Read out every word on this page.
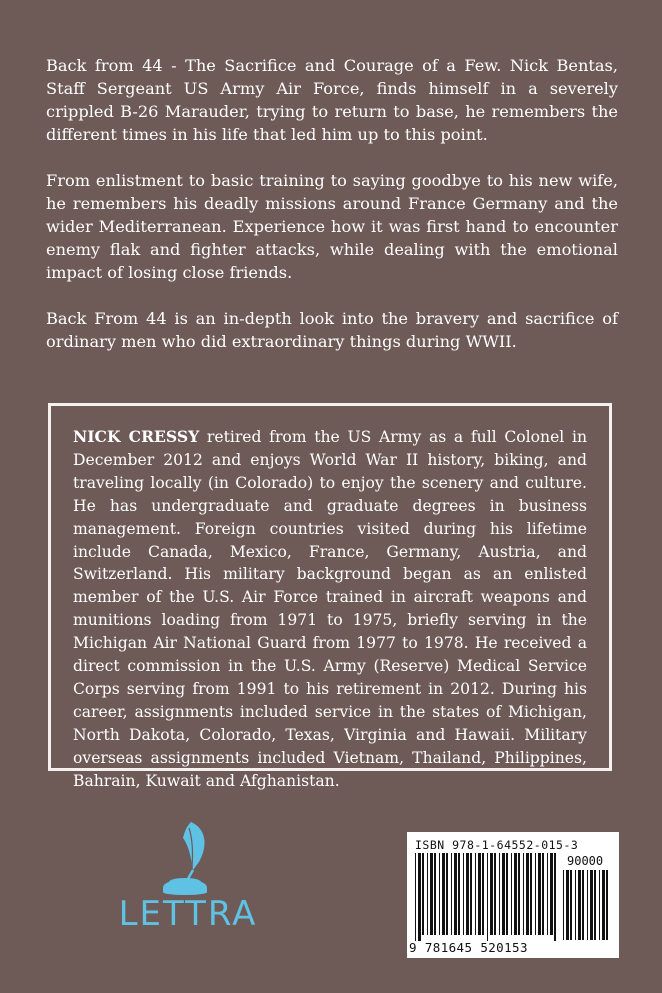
Back from 44 - The Sacrifice and Courage of a Few. Nick Bentas, Staff Sergeant US Army Air Force, finds himself in a severely crippled B-26 Marauder, trying to return to base, he remembers the different times in his life that led him up to this point.

From enlistment to basic training to saying goodbye to his new wife, he remembers his deadly missions around France Germany and the wider Mediterranean. Experience how it was first hand to encounter enemy flak and fighter attacks, while dealing with the emotional impact of losing close friends.

Back From 44 is an in-depth look into the bravery and sacrifice of ordinary men who did extraordinary things during WWII.

NICK CRESSY retired from the US Army as a full Colonel in December 2012 and enjoys World War II history, biking, and traveling locally (in Colorado) to enjoy the scenery and culture. He has undergraduate and graduate degrees in business management. Foreign countries visited during his lifetime include Canada, Mexico, France, Germany, Austria, and Switzerland. His military background began as an enlisted member of the U.S. Air Force trained in aircraft weapons and munitions loading from 1971 to 1975, briefly serving in the Michigan Air National Guard from 1977 to 1978. He received a direct commission in the U.S. Army (Reserve) Medical Service Corps serving from 1991 to his retirement in 2012. During his career, assignments included service in the states of Michigan, North Dakota, Colorado, Texas, Virginia and Hawaii. Military overseas assignments included Vietnam, Thailand, Philippines, Bahrain, Kuwait and Afghanistan.
LETTRA
ISBN 978-1-64552-015-3
90000
9 781645 520153
